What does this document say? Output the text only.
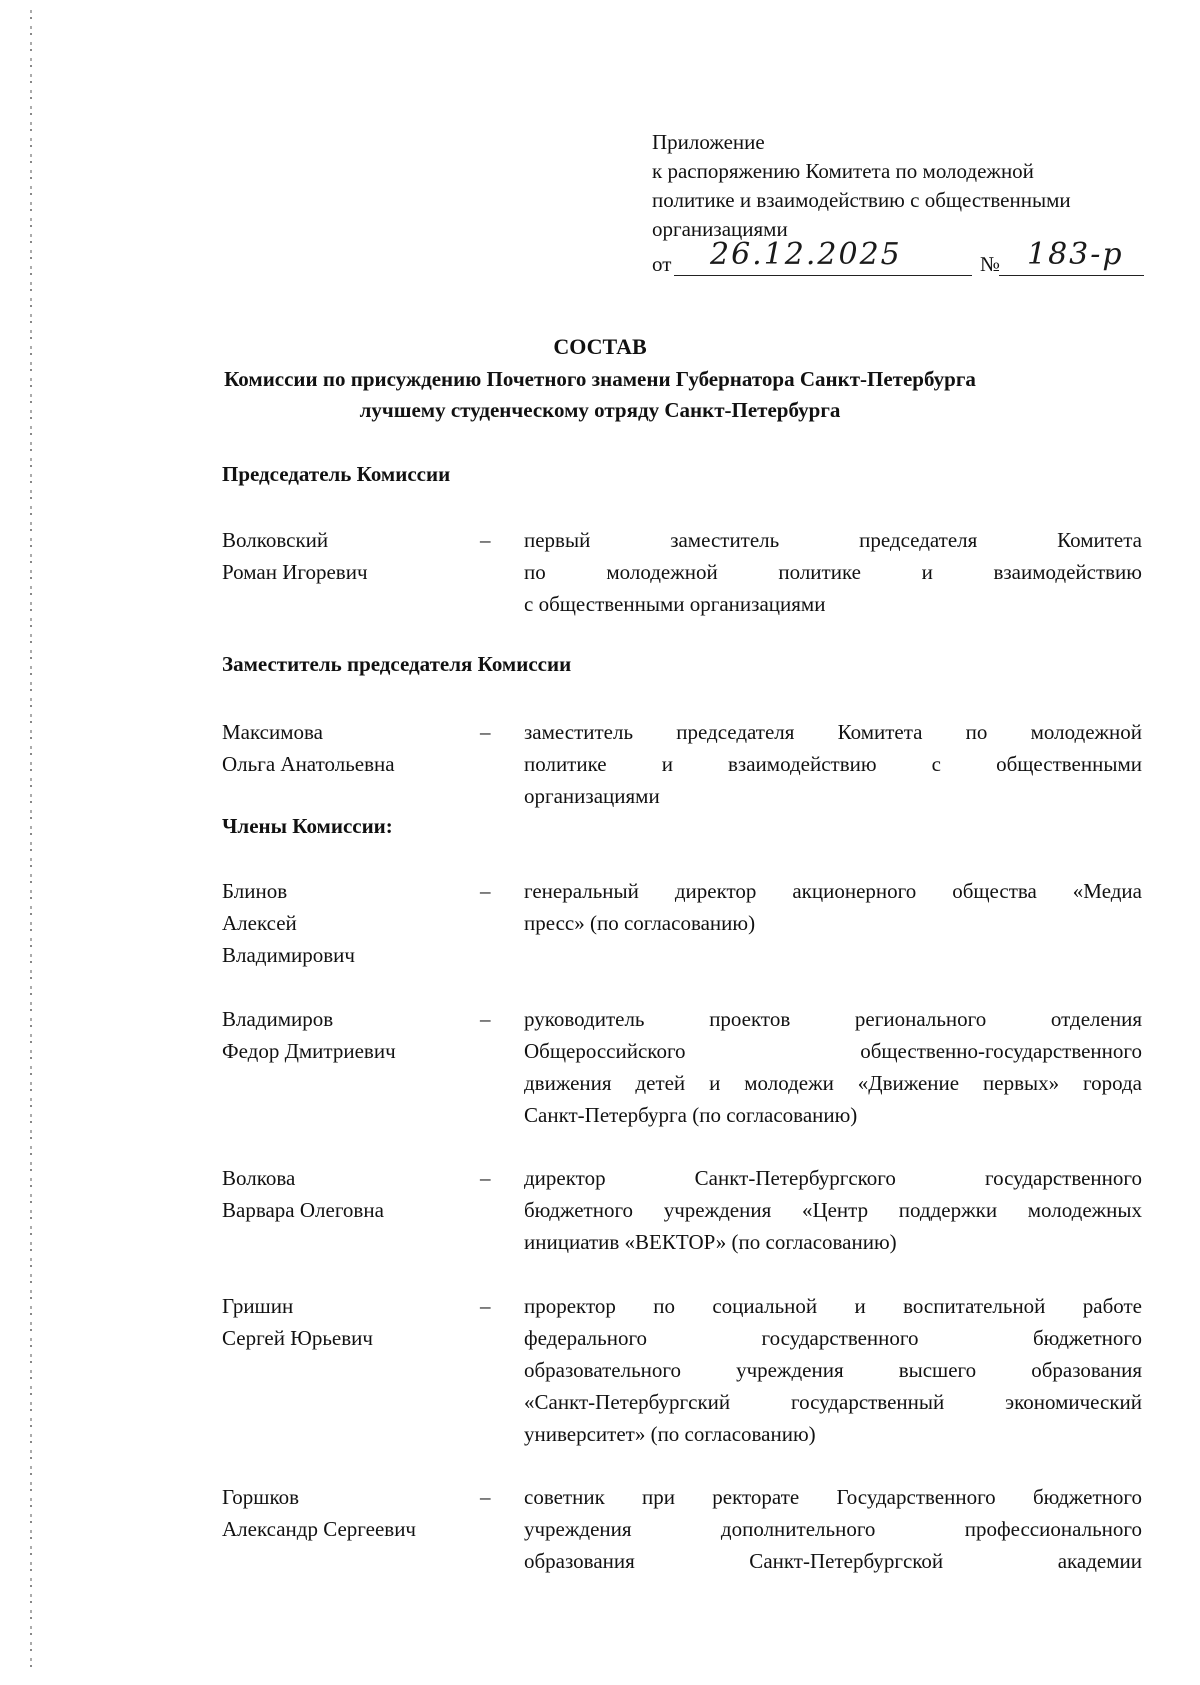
Приложение
к распоряжению Комитета по молодежной
политике и взаимодействию с общественными
организациями
от 26.12.2025	№ 183-р
СОСТАВ
Комиссии по присуждению Почетного знамени Губернатора Санкт-Петербурга
лучшему студенческому отряду Санкт-Петербурга
Председатель Комиссии
Волковский
Роман Игоревич
– первый заместитель председателя Комитета
по молодежной политике и взаимодействию
с общественными организациями
Заместитель председателя Комиссии
Максимова
Ольга Анатольевна
– заместитель председателя Комитета по молодежной
политике и взаимодействию с общественными
организациями
Члены Комиссии:
Блинов
Алексей
Владимирович
– генеральный директор акционерного общества «Медиа
пресс» (по согласованию)
Владимиров
Федор Дмитриевич
– руководитель проектов регионального отделения
Общероссийского общественно-государственного
движения детей и молодежи «Движение первых» города
Санкт-Петербурга (по согласованию)
Волкова
Варвара Олеговна
– директор Санкт-Петербургского государственного
бюджетного учреждения «Центр поддержки молодежных
инициатив «ВЕКТОР» (по согласованию)
Гришин
Сергей Юрьевич
– проректор по социальной и воспитательной работе
федерального государственного бюджетного
образовательного учреждения высшего образования
«Санкт-Петербургский государственный экономический
университет» (по согласованию)
Горшков
Александр Сергеевич
– советник при ректорате Государственного бюджетного
учреждения дополнительного профессионального
образования Санкт-Петербургской академии
